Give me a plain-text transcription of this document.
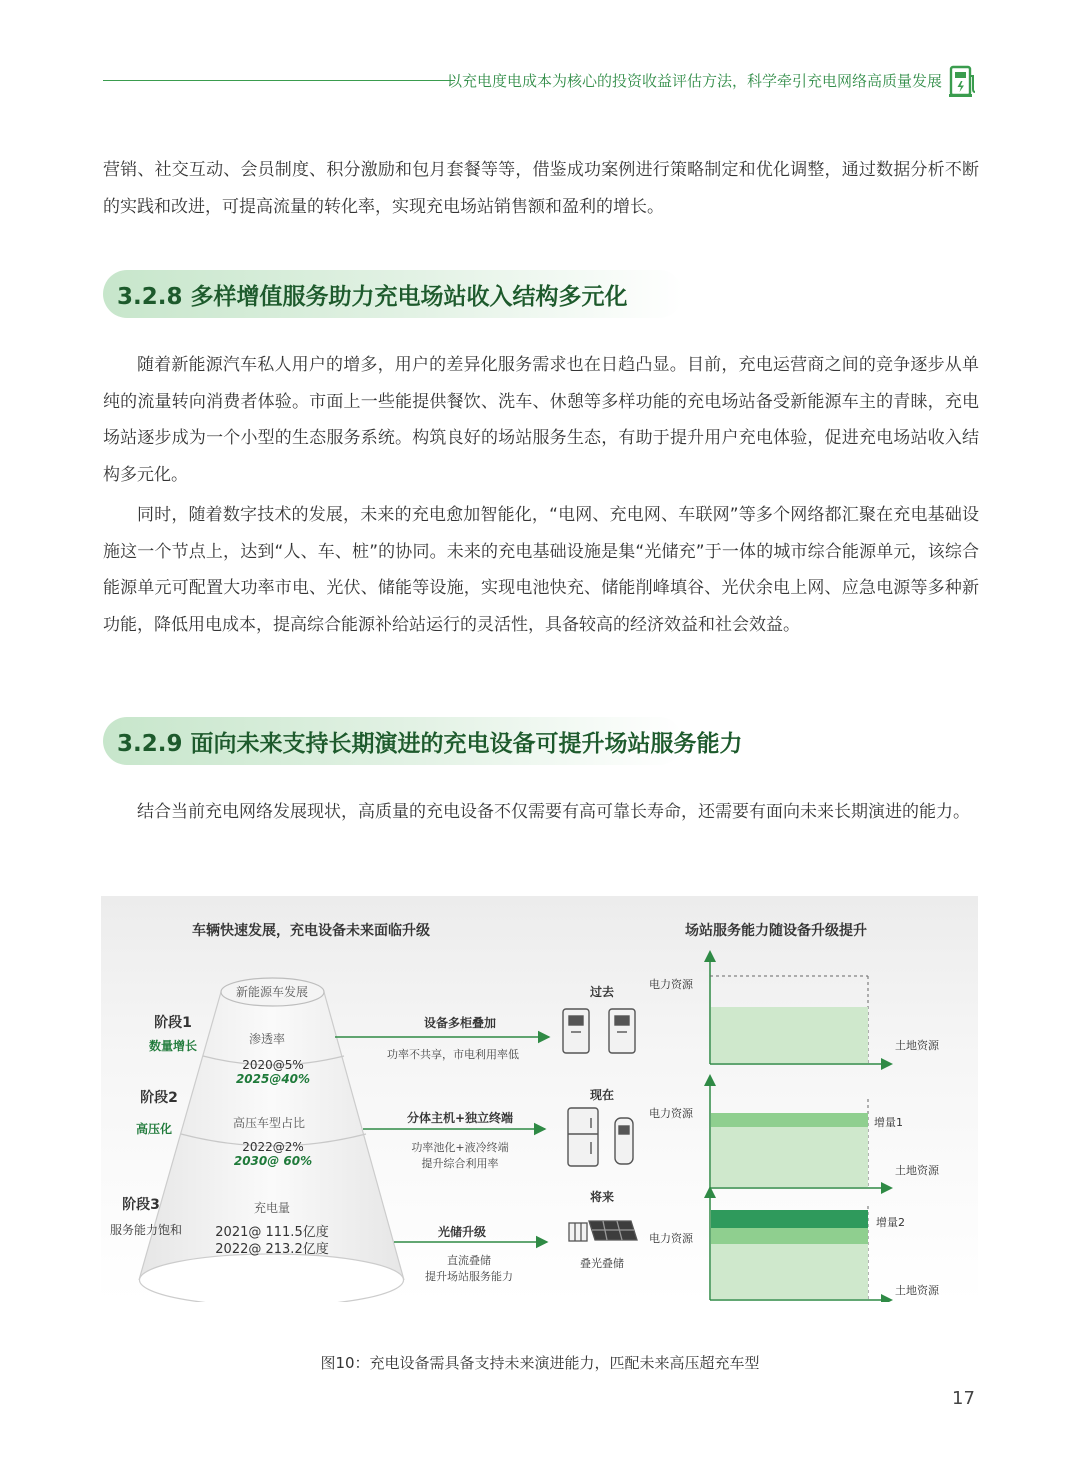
以充电度电成本为核心的投资收益评估方法，科学牵引充电网络高质量发展

营销、社交互动、会员制度、积分激励和包月套餐等等，借鉴成功案例进行策略制定和优化调整，通过数据分析不断的实践和改进，可提高流量的转化率，实现充电场站销售额和盈利的增长。

3.2.8 多样增值服务助力充电场站收入结构多元化

随着新能源汽车私人用户的增多，用户的差异化服务需求也在日趋凸显。目前，充电运营商之间的竞争逐步从单纯的流量转向消费者体验。市面上一些能提供餐饮、洗车、休憩等多样功能的充电场站备受新能源车主的青睐，充电场站逐步成为一个小型的生态服务系统。构筑良好的场站服务生态，有助于提升用户充电体验，促进充电场站收入结构多元化。

同时，随着数字技术的发展，未来的充电愈加智能化，“电网、充电网、车联网”等多个网络都汇聚在充电基础设施这一个节点上，达到“人、车、桩”的协同。未来的充电基础设施是集“光储充”于一体的城市综合能源单元，该综合能源单元可配置大功率市电、光伏、储能等设施，实现电池快充、储能削峰填谷、光伏余电上网、应急电源等多种新功能，降低用电成本，提高综合能源补给站运行的灵活性，具备较高的经济效益和社会效益。

3.2.9 面向未来支持长期演进的充电设备可提升场站服务能力

结合当前充电网络发展现状，高质量的充电设备不仅需要有高可靠长寿命，还需要有面向未来长期演进的能力。

车辆快速发展，充电设备未来面临升级	场站服务能力随设备升级提升
新能源车发展
阶段1
数量增长
阶段2
高压化
阶段3
服务能力饱和
渗透率
2020@5%
2025@40%
高压车型占比
2022@2%
2030@ 60%
充电量
2021@ 111.5亿度
2022@ 213.2亿度
设备多柜叠加
功率不共享，市电利用率低
分体主机+独立终端
功率池化+液冷终端
提升综合利用率
光储升级
直流叠储
提升场站服务能力
过去
现在
将来
叠光叠储
电力资源
土地资源
电力资源
增量1
土地资源
电力资源
增量2
土地资源
图10：充电设备需具备支持未来演进能力，匹配未来高压超充车型
17
